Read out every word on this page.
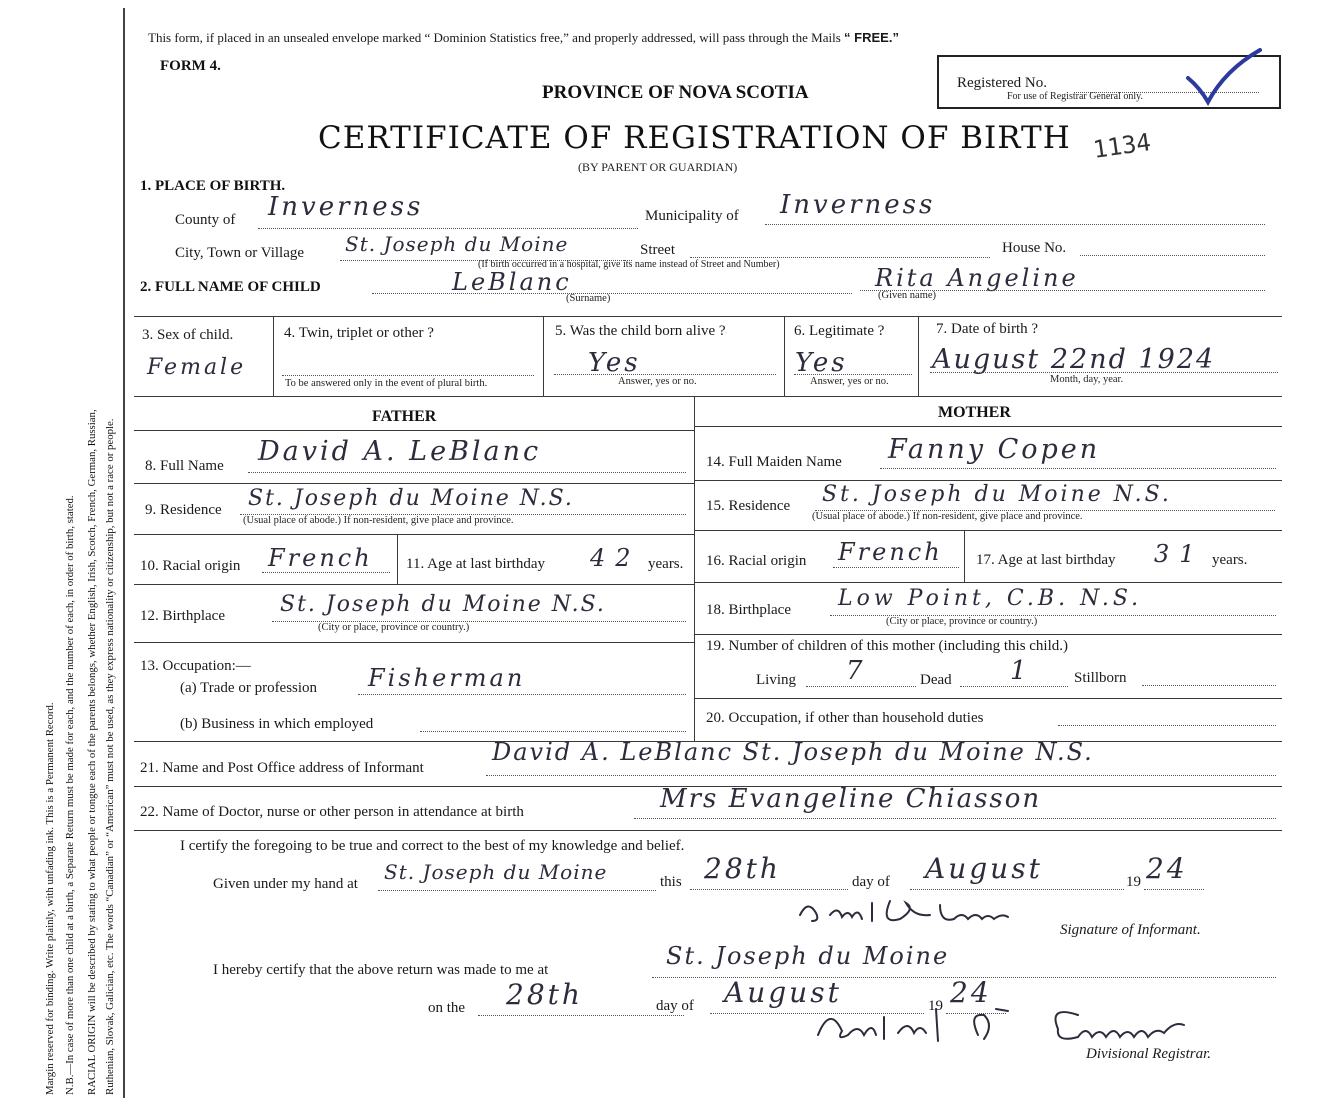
Margin reserved for binding. Write plainly, with unfading ink. This is a Permanent Record. N.B.—In case of more than one child at a birth, a Separate Return must be made for each, and the number of each, in order of birth, stated. RACIAL ORIGIN will be described by stating to what people or tongue each of the parents belongs, whether English, Irish, Scotch, French, German, Russian, Ruthenian, Slovak, Galician, etc. The words “Canadian” or “American” must not be used, as they express nationality or citizenship, but not a race or people.
This form, if placed in an unsealed envelope marked “ Dominion Statistics free,” and properly addressed, will pass through the Mails “ FREE.”
FORM 4.
PROVINCE OF NOVA SCOTIA
CERTIFICATE OF REGISTRATION OF BIRTH
(BY PARENT OR GUARDIAN)
Registered No.
For use of Registrar General only.
1134
1. PLACE OF BIRTH.
County of Inverness	Municipality of Inverness
City, Town or Village St. Joseph du Moine	Street	House No.
(If birth occurred in a hospital, give its name instead of Street and Number)
2. FULL NAME OF CHILD	LeBlanc
(Surname)
Rita Angeline
(Given name)
3. Sex of child.
Female
4. Twin, triplet or other ?
To be answered only in the event of plural birth.
5. Was the child born alive ?
Yes
Answer, yes or no.
6. Legitimate ?
Yes
Answer, yes or no.
7. Date of birth ?
August 22nd 1924
Month, day, year.
FATHER	MOTHER
8. Full Name David A. LeBlanc
9. Residence St. Joseph du Moine N.S.
(Usual place of abode.) If non-resident, give place and province.
10. Racial origin French 11. Age at last birthday 42 years.
12. Birthplace	St. Joseph du Moine N.S.
(City or place, province or country.)
13. Occupation:—
(a) Trade or profession Fisherman
(b) Business in which employed
14. Full Maiden Name Fanny Copen
15. Residence St. Joseph du Moine N.S.
(Usual place of abode.) If non-resident, give place and province.
16. Racial origin French 17. Age at last birthday 31 years.
18. Birthplace Low Point, C.B. N.S.
(City or place, province or country.)
19. Number of children of this mother (including this child.)
Living 7	Dead 1	Stillborn
20. Occupation, if other than household duties
21. Name and Post Office address of Informant
David A. LeBlanc St. Joseph du Moine N.S.
22. Name of Doctor, nurse or other person in attendance at birth	Mrs Evangeline Chiasson
I certify the foregoing to be true and correct to the best of my knowledge and belief.
Given under my hand at St. Joseph du Moine	this 28th	day of August	19 24
Signature of Informant.
I hereby certify that the above return was made to me at	St. Joseph du Moine
on the 28th	day of August	19 24
Divisional Registrar.
